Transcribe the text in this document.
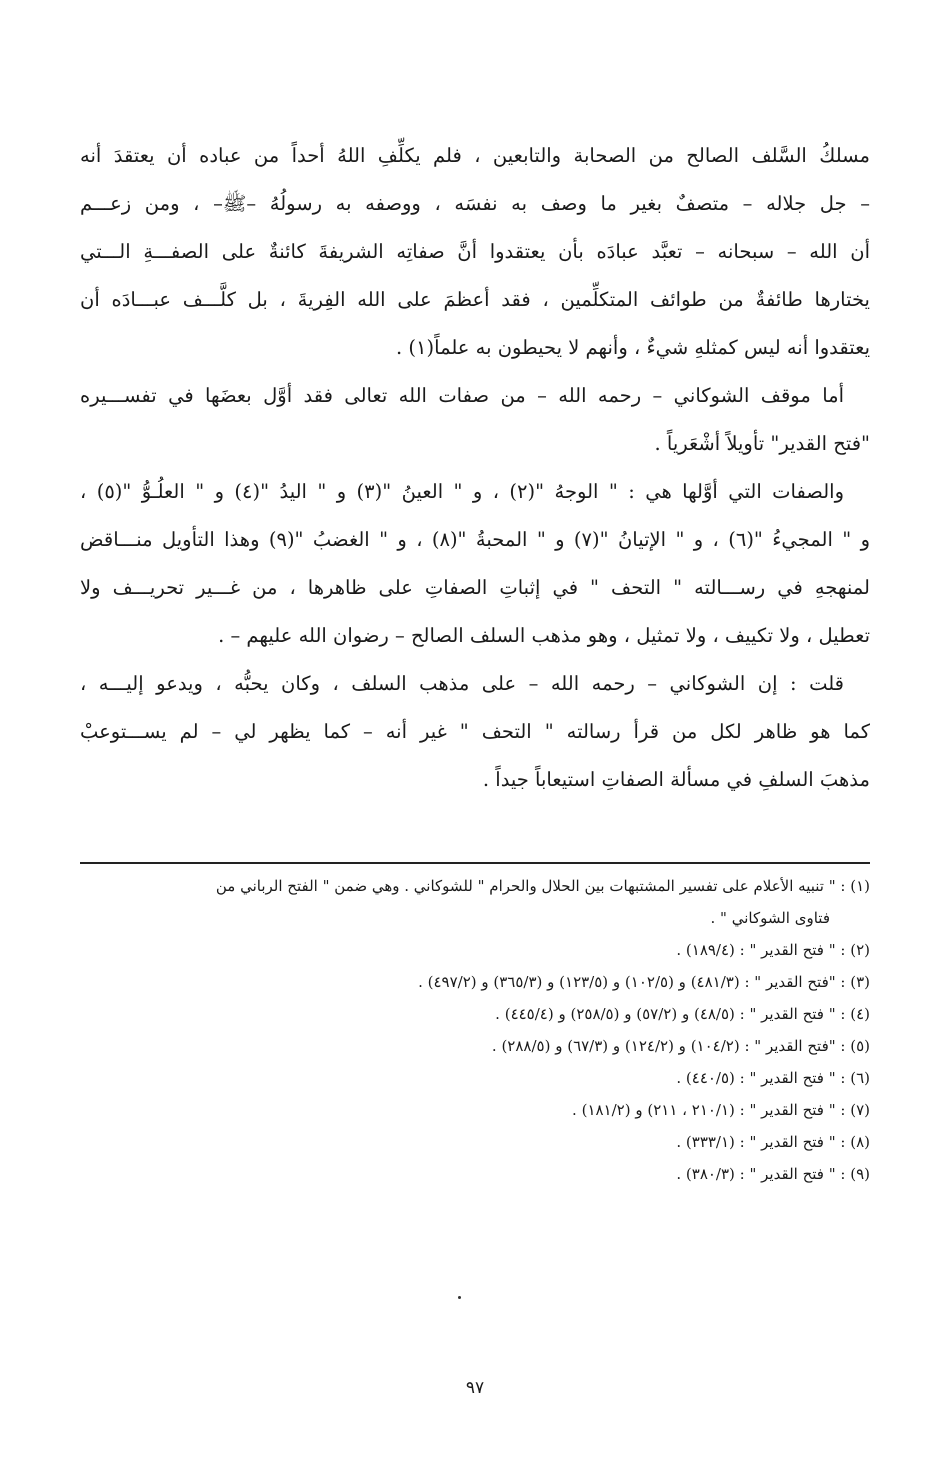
مسلكُ السَّلف الصالح من الصحابة والتابعين ، فلم يكلِّفِ اللهُ أحداً من عباده أن يعتقدَ أنه
– جل جلاله – متصفٌ بغير ما وصف به نفسَه ، ووصفه به رسولُهُ –ﷺ– ، ومن زعـــم
أن الله – سبحانه – تعبَّد عبادَه بأن يعتقدوا أنَّ صفاتِه الشريفةَ كائنةٌ على الصفـــةِ الـــتي
يختارها طائفةٌ من طوائف المتكلِّمين ، فقد أعظمَ على الله الفِريةَ ، بل كلَّـــف عبـــادَه أن
يعتقدوا أنه ليس كمثلهِ شيءٌ ، وأنهم لا يحيطون به علماً(١) .
أما موقف الشوكاني – رحمه الله – من صفات الله تعالى فقد أوَّل بعضَها في تفســـيره
"فتح القدير" تأويلاً أشْعَرياً .
والصفات التي أوَّلها هي : " الوجهُ "(٢) ، و " العينُ "(٣) و " اليدُ "(٤) و " العلُـوُّ "(٥) ،
و " المجيءُ "(٦) ، و " الإتيانُ "(٧) و " المحبةُ "(٨) ، و " الغضبُ "(٩) وهذا التأويل منـــاقض
لمنهجهِ في رســـالته " التحف " في إثباتِ الصفاتِ على ظاهرها ، من غـــير تحريـــف ولا
تعطيل ، ولا تكييف ، ولا تمثيل ، وهو مذهب السلف الصالح – رضوان الله عليهم – .
قلت : إن الشوكاني – رحمه الله – على مذهب السلف ، وكان يحبُّه ، ويدعو إليـــه ،
كما هو ظاهر لكل من قرأ رسالته " التحف " غير أنه – كما يظهر لي – لم يســـتوعبْ
مذهبَ السلفِ في مسألة الصفاتِ استيعاباً جيداً .
(١) : " تنبيه الأعلام على تفسير المشتبهات بين الحلال والحرام " للشوكاني . وهي ضمن " الفتح الرباني من
فتاوى الشوكاني " .
(٢) : " فتح القدير " : (١٨٩/٤) .
(٣) : "فتح القدير " : (٤٨١/٣) و (١٠٢/٥) و (١٢٣/٥) و (٣٦٥/٣) و (٤٩٧/٢) .
(٤) : " فتح القدير " : (٤٨/٥) و (٥٧/٢) و (٢٥٨/٥) و (٤٤٥/٤) .
(٥) : "فتح القدير " : (١٠٤/٢) و (١٢٤/٢) و (٦٧/٣) و (٢٨٨/٥) .
(٦) : " فتح القدير " : (٤٤٠/٥) .
(٧) : " فتح القدير " : (٢١٠/١ ، ٢١١) و (١٨١/٢) .
(٨) : " فتح القدير " : (٣٣٣/١) .
(٩) : " فتح القدير " : (٣٨٠/٣) .
٩٧
